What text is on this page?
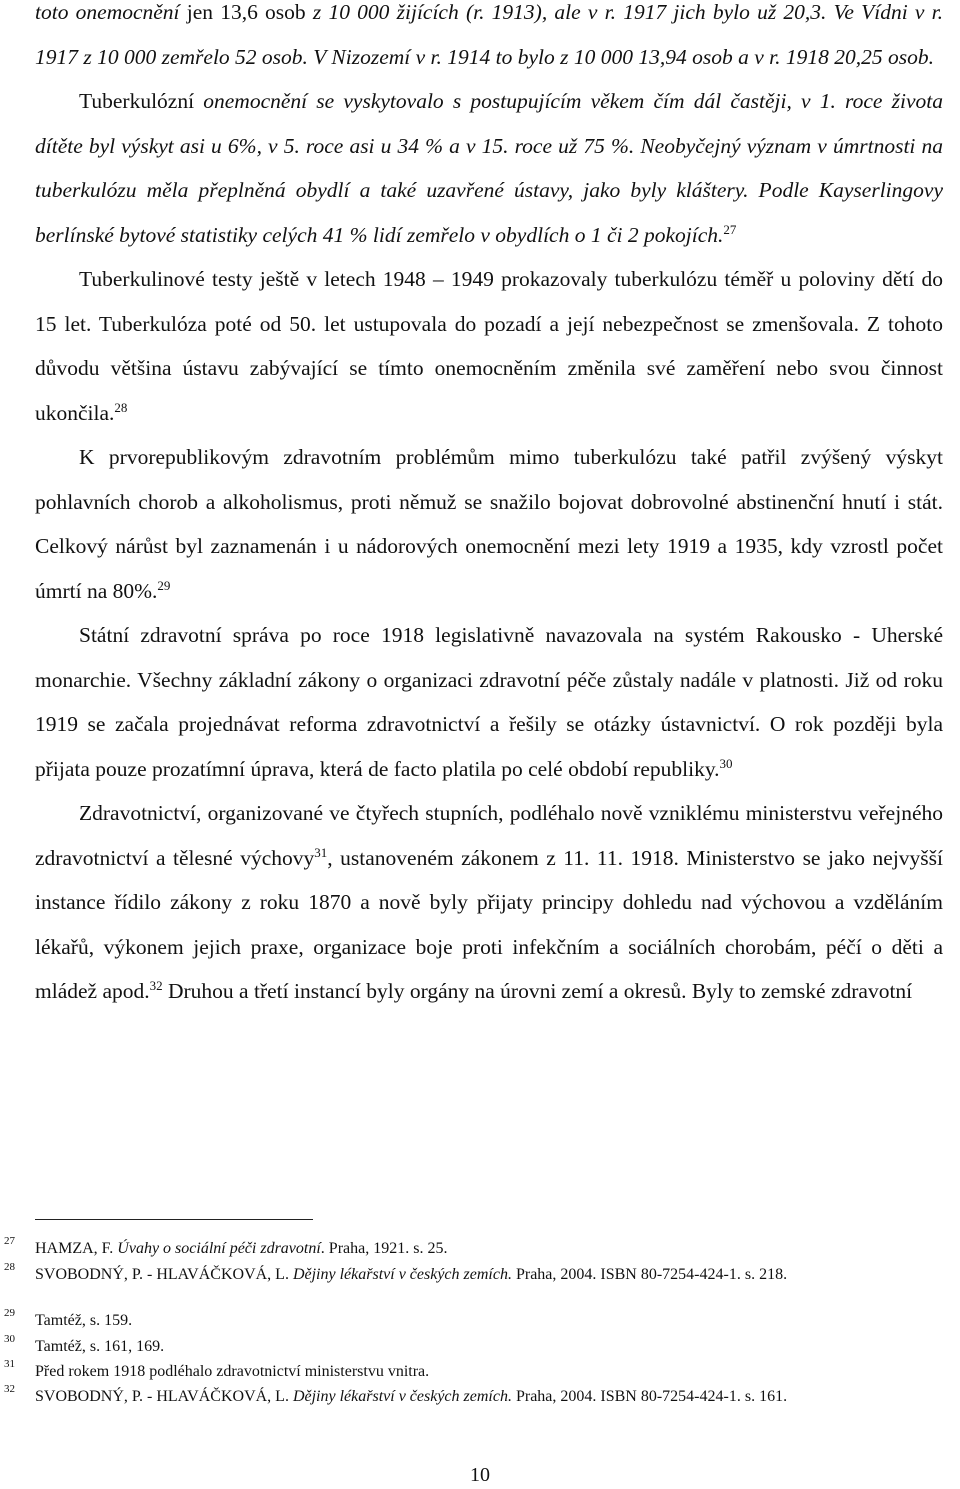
toto onemocnění jen 13,6 osob z 10 000 žijících (r. 1913), ale v r. 1917 jich bylo už 20,3. Ve Vídni v r. 1917 z 10 000 zemřelo 52 osob. V Nizozemí v r. 1914 to bylo z 10 000 13,94 osob a v r. 1918 20,25 osob.

Tuberkulózní onemocnění se vyskytovalo s postupujícím věkem čím dál častěji, v 1. roce života dítěte byl výskyt asi u 6%, v 5. roce asi u 34 % a v 15. roce už 75 %. Neobyčejný význam v úmrtnosti na tuberkulózu měla přeplněná obydlí a také uzavřené ústavy, jako byly kláštery. Podle Kayserlingovy berlínské bytové statistiky celých 41 % lidí zemřelo v obydlích o 1 či 2 pokojích.$^{27}$

Tuberkulinové testy ještě v letech 1948 – 1949 prokazovaly tuberkulózu téměř u poloviny dětí do 15 let. Tuberkulóza poté od 50. let ustupovala do pozadí a její nebezpečnost se zmenšovala. Z tohoto důvodu většina ústavu zabývající se tímto onemocněním změnila své zaměření nebo svou činnost ukončila.$^{28}$

K prvorepublikovým zdravotním problémům mimo tuberkulózu také patřil zvýšený výskyt pohlavních chorob a alkoholismus, proti němuž se snažilo bojovat dobrovolné abstinenční hnutí i stát. Celkový nárůst byl zaznamenán i u nádorových onemocnění mezi lety 1919 a 1935, kdy vzrostl počet úmrtí na 80%.$^{29}$

Státní zdravotní správa po roce 1918 legislativně navazovala na systém Rakousko - Uherské monarchie. Všechny základní zákony o organizaci zdravotní péče zůstaly nadále v platnosti. Již od roku 1919 se začala projednávat reforma zdravotnictví a řešily se otázky ústavnictví. O rok později byla přijata pouze prozatímní úprava, která de facto platila po celé období republiky.$^{30}$

Zdravotnictví, organizované ve čtyřech stupních, podléhalo nově vzniklému ministerstvu veřejného zdravotnictví a tělesné výchovy$^{31}$, ustanoveném zákonem z 11. 11. 1918. Ministerstvo se jako nejvyšší instance řídilo zákony z roku 1870 a nově byly přijaty principy dohledu nad výchovou a vzděláním lékařů, výkonem jejich praxe, organizace boje proti infekčním a sociálních chorobám, péčí o děti a mládež apod.$^{32}$ Druhou a třetí instancí byly orgány na úrovni zemí a okresů. Byly to zemské zdravotní

27 HAMZA, F. Úvahy o sociální péči zdravotní. Praha, 1921. s. 25.
28 SVOBODNÝ, P. - HLAVÁČKOVÁ, L. Dějiny lékařství v českých zemích. Praha, 2004. ISBN 80-7254-424-1. s. 218.
29 Tamtéž, s. 159.
30 Tamtéž, s. 161, 169.
31 Před rokem 1918 podléhalo zdravotnictví ministerstvu vnitra.
32 SVOBODNÝ, P. - HLAVÁČKOVÁ, L. Dějiny lékařství v českých zemích. Praha, 2004. ISBN 80-7254-424-1. s. 161.
10
